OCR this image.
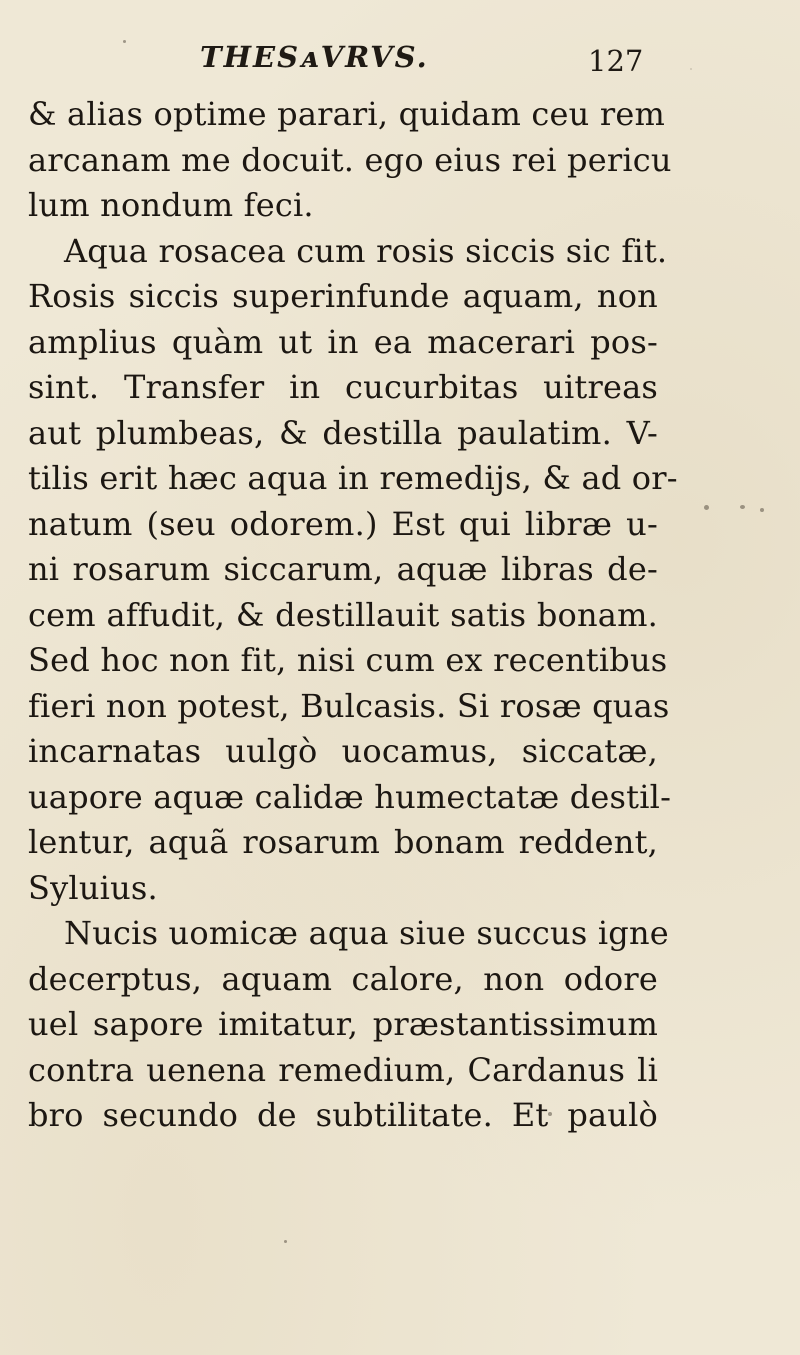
THESᴀVRVS.	127
& alias optime parari, quidam ceu rem
arcanam me docuit. ego eius rei pericu
lum nondum feci.
Aqua rosacea cum rosis siccis sic fit.
Rosis siccis superinfunde aquam, non
amplius quàm ut in ea macerari pos-
sint. Transfer in cucurbitas uitreas
aut plumbeas, & destilla paulatim. V-
tilis erit hæc aqua in remedijs, & ad or-
natum (seu odorem.) Est qui libræ u-
ni rosarum siccarum, aquæ libras de-
cem affudit, & destillauit satis bonam.
Sed hoc non fit, nisi cum ex recentibus
fieri non potest, Bulcasis. Si rosæ quas
incarnatas uulgò uocamus, siccatæ,
uapore aquæ calidæ humectatæ destil-
lentur, aquã rosarum bonam reddent,
Syluius.
Nucis uomicæ aqua siue succus igne
decerptus, aquam calore, non odore
uel sapore imitatur, præstantissimum
contra uenena remedium, Cardanus li
bro secundo de subtilitate. Et paulò
